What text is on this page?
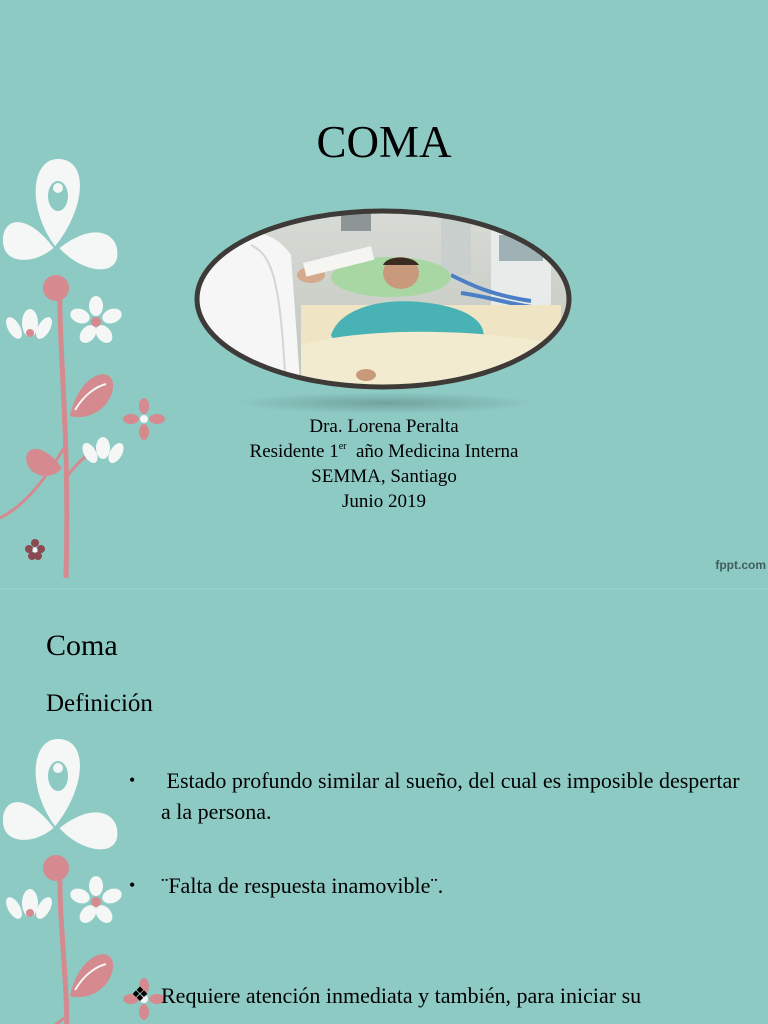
COMA
Dra. Lorena Peralta
Residente 1er  año Medicina Interna
SEMMA, Santiago
Junio 2019
fppt.com
Coma
Definición
• Estado profundo similar al sueño, del cual es imposible despertar a la persona.
• ¨Falta de respuesta inamovible¨.
❖ Requiere atención inmediata y también, para iniciar su
